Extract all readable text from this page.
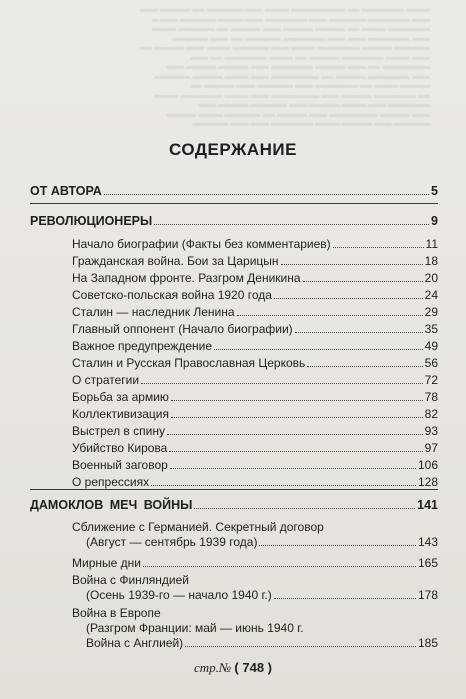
════ ═══════ ══ ═════════ ════ ═══ ══════ ══ ═════ ═══
═══ ═══════ ══════ ═══ ═══════ ═══ ════ ══════ ═══ ═
═══════ ════ ══ ═════ ═════ ═══ ═════ ══ ══════ ════
═══ ═══════ ═══ ═══ ═══════ ══════ ══ ═══ ══════
══════ ═════ ═══════ ════ ═══ ══════ ════ ═══ ═════ ══
═══ ════ ═══════ ═════ ══ ════ ═══════ ══ ═══
════════ ══ ═══ ═════ ═══════ ═══ ═════ ═════ ═══
═══ ═══════ ═════ ══ ════════ ═══ ════ ═════ ══════
═════ ════ ══ ═══════ ═══ ══════ ═══ ═════ ══
══ ═══════ ═════ ═══ ════════ ═══ ════ ═══════ ════
═══════ ═══ ════ ═════ ═══ ══════ ═════ ═══
═══ ═════ ════════ ═══ ═════ ══ ══════ ════ ═════
══════ ═══ ═════ ════ ═══════ ═══ ═══ ══════
СОДЕРЖАНИЕ
ОТ АВТОРА	5
РЕВОЛЮЦИОНЕРЫ	9
Начало биографии (Факты без комментариев)	11
Гражданская война. Бои за Царицын	18
На Западном фронте. Разгром Деникина	20
Советско-польская война 1920 года	24
Сталин — наследник Ленина	29
Главный оппонент (Начало биографии)	35
Важное предупреждение	49
Сталин и Русская Православная Церковь	56
О стратегии	72
Борьба за армию	78
Коллективизация	82
Выстрел в спину	93
Убийство Кирова	97
Военный заговор	106
О репрессиях	128
ДАМОКЛОВ МЕЧ ВОЙНЫ	141
Сближение с Германией. Секретный договор
(Август — сентябрь 1939 года)	143
Мирные дни	165
Война с Финляндией
(Осень 1939-го — начало 1940 г.)	178
Война в Европе
(Разгром Франции: май — июнь 1940 г.
Война с Англией)	185
стр.№ ( 748 )
